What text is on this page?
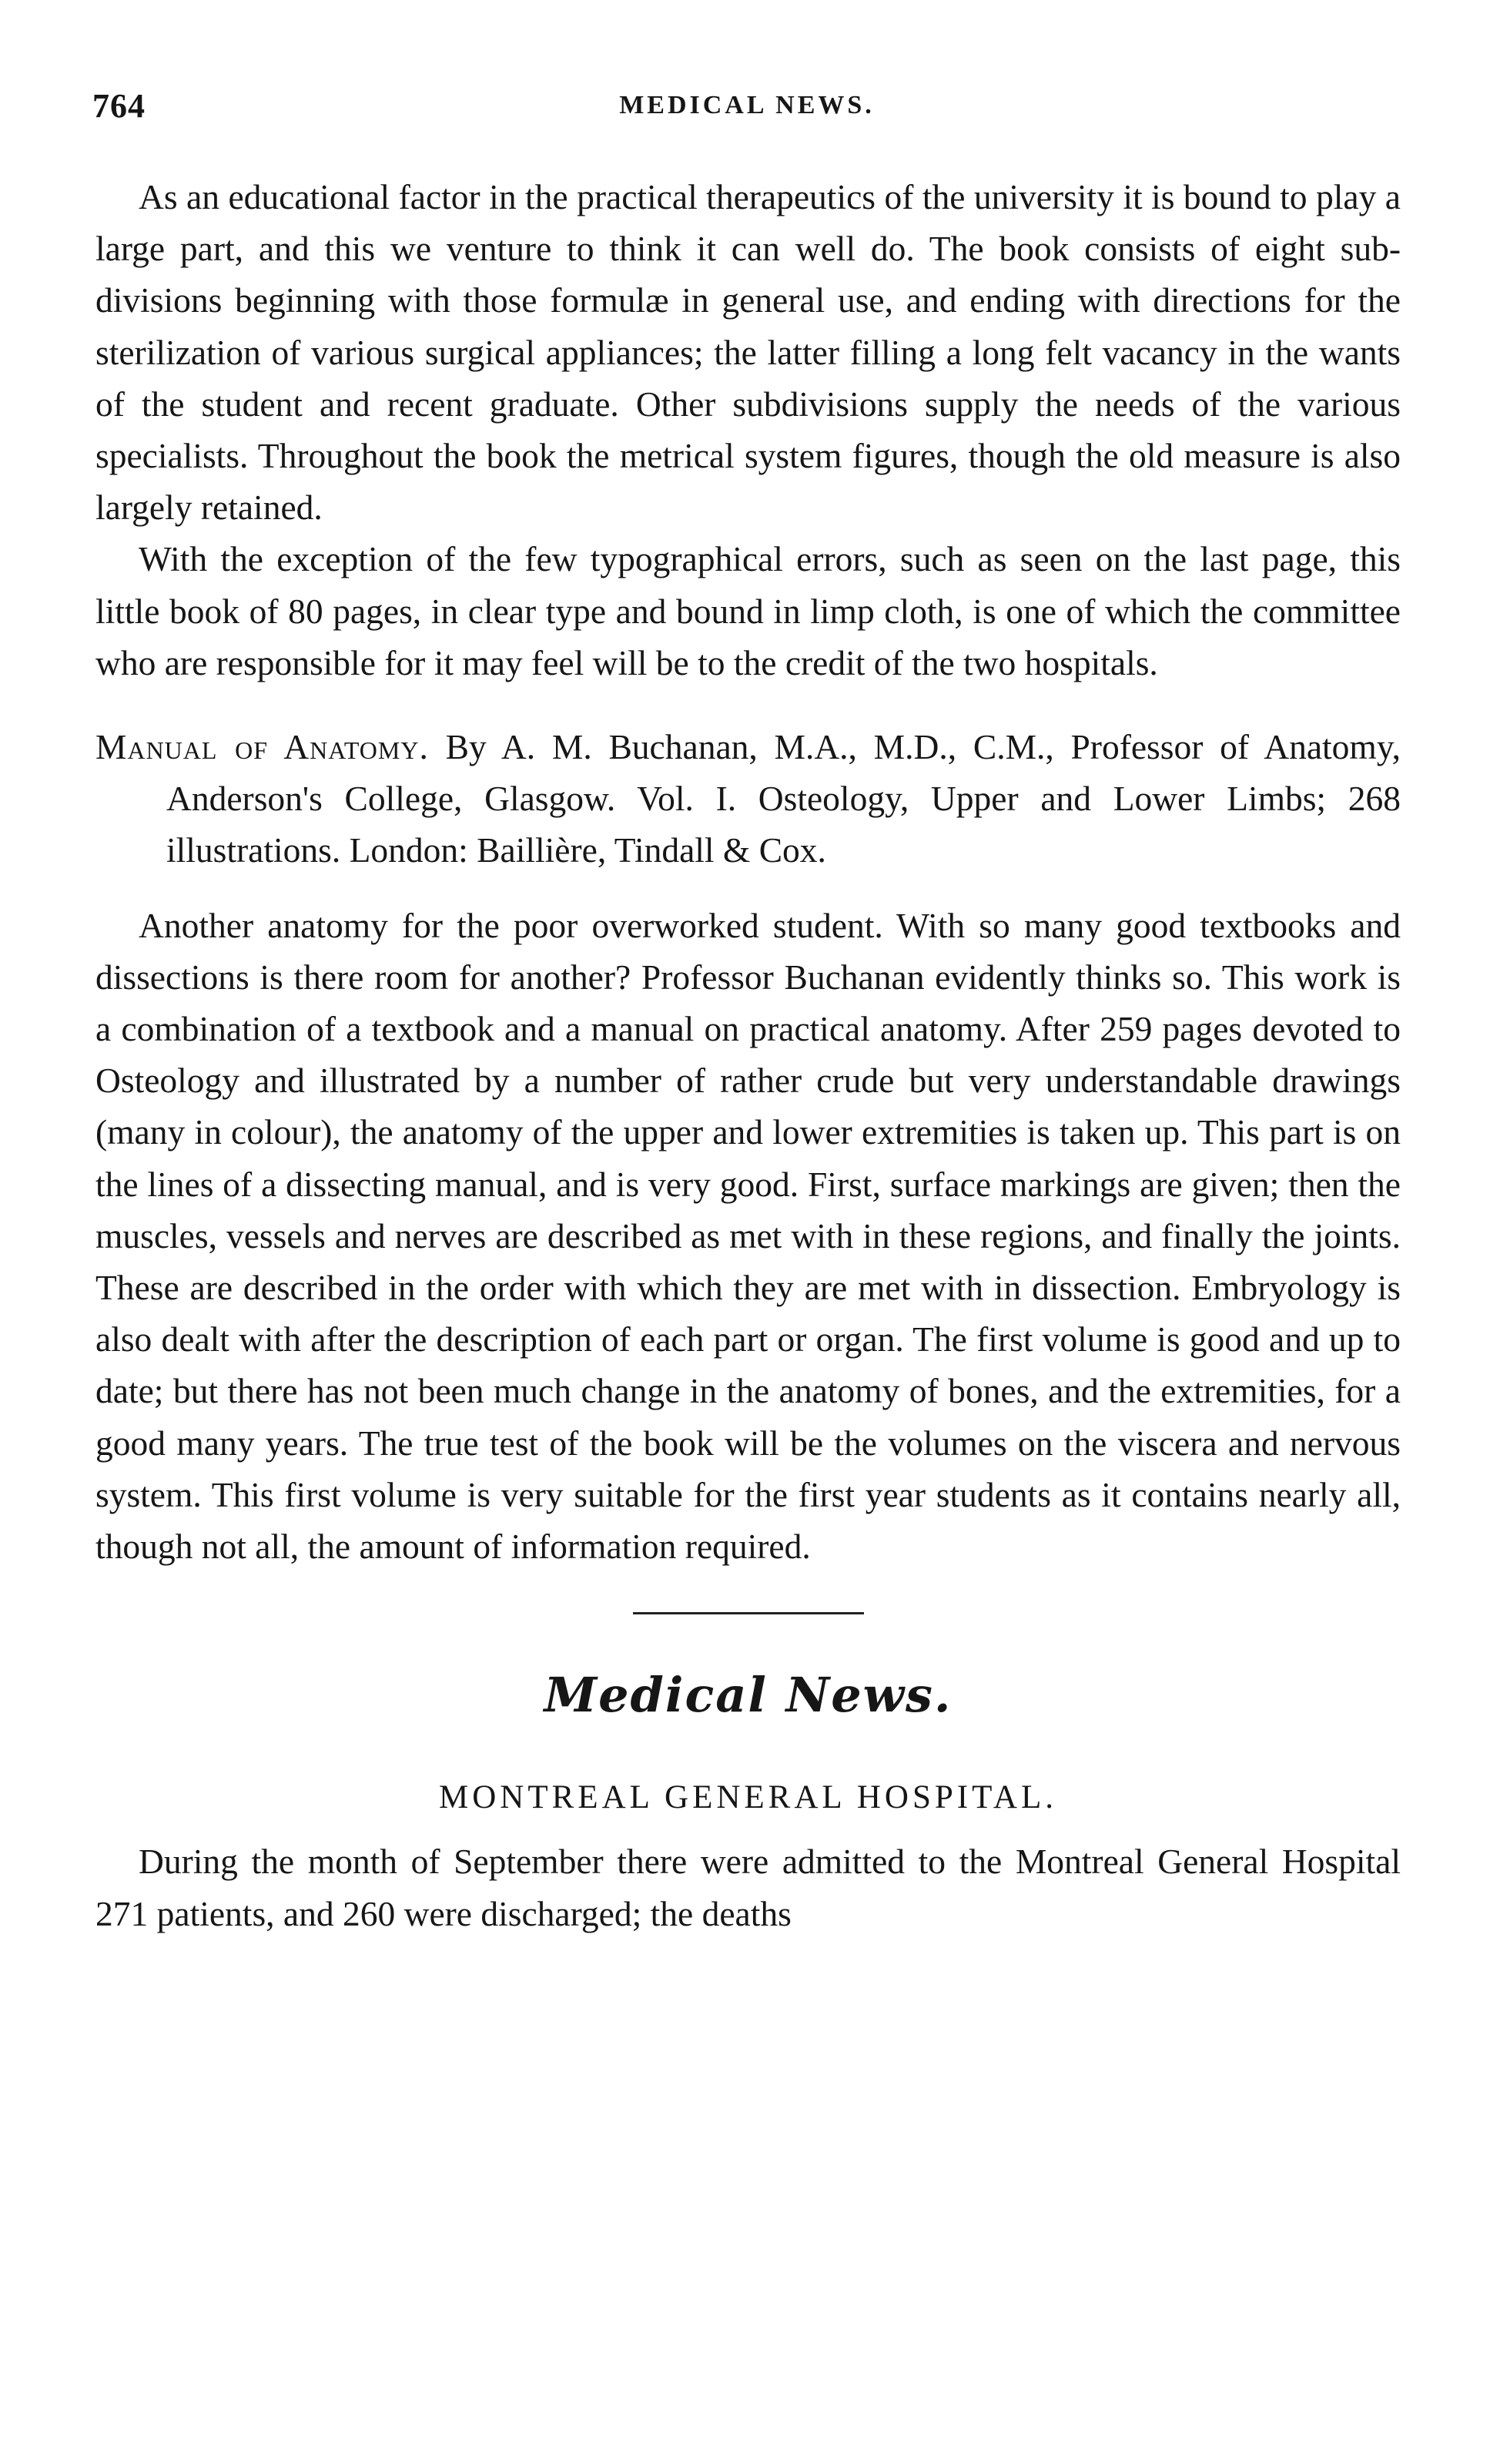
764	MEDICAL NEWS.

As an educational factor in the practical therapeutics of the university it is bound to play a large part, and this we venture to think it can well do. The book consists of eight sub-divisions beginning with those formulæ in general use, and ending with directions for the sterilization of various surgical appliances; the latter filling a long felt vacancy in the wants of the student and recent graduate. Other subdivisions supply the needs of the various specialists. Throughout the book the metrical system figures, though the old measure is also largely retained.

With the exception of the few typographical errors, such as seen on the last page, this little book of 80 pages, in clear type and bound in limp cloth, is one of which the committee who are responsible for it may feel will be to the credit of the two hospitals.

Manual of Anatomy. By A. M. Buchanan, M.A., M.D., C.M., Professor of Anatomy, Anderson's College, Glasgow. Vol. I. Osteology, Upper and Lower Limbs; 268 illustrations. London: Baillière, Tindall & Cox.

Another anatomy for the poor overworked student. With so many good textbooks and dissections is there room for another? Professor Buchanan evidently thinks so. This work is a combination of a textbook and a manual on practical anatomy. After 259 pages devoted to Osteology and illustrated by a number of rather crude but very understandable drawings (many in colour), the anatomy of the upper and lower extremities is taken up. This part is on the lines of a dissecting manual, and is very good. First, surface markings are given; then the muscles, vessels and nerves are described as met with in these regions, and finally the joints. These are described in the order with which they are met with in dissection. Embryology is also dealt with after the description of each part or organ. The first volume is good and up to date; but there has not been much change in the anatomy of bones, and the extremities, for a good many years. The true test of the book will be the volumes on the viscera and nervous system. This first volume is very suitable for the first year students as it contains nearly all, though not all, the amount of information required.

Medical News.
MONTREAL GENERAL HOSPITAL.

During the month of September there were admitted to the Montreal General Hospital 271 patients, and 260 were discharged; the deaths
